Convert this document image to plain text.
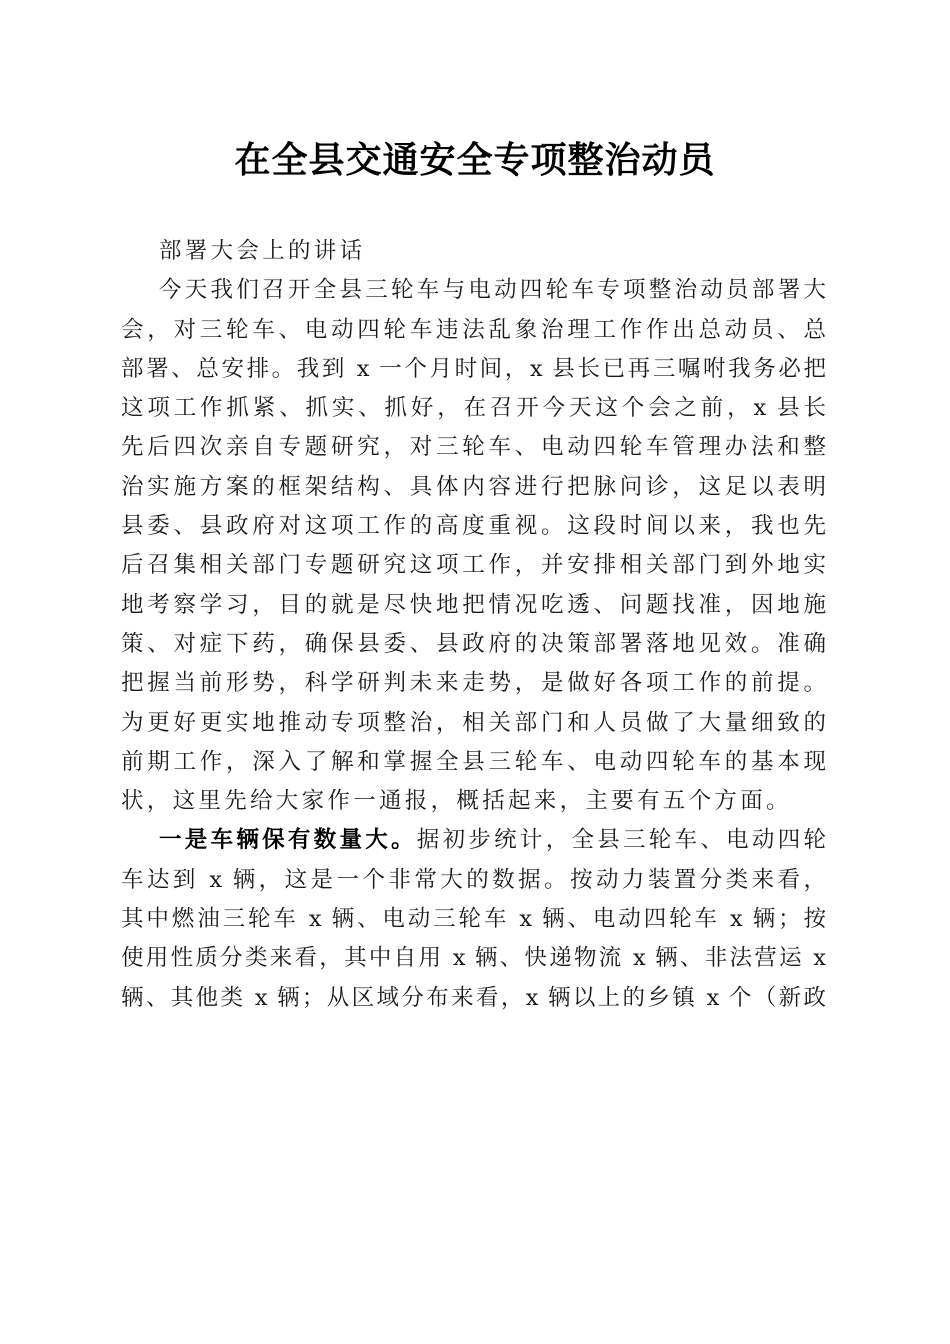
在全县交通安全专项整治动员
部署大会上的讲话
今天我们召开全县三轮车与电动四轮车专项整治动员部署大
会，对三轮车、电动四轮车违法乱象治理工作作出总动员、总
部署、总安排。我到 x 一个月时间，x 县长已再三嘱咐我务必把
这项工作抓紧、抓实、抓好，在召开今天这个会之前，x 县长
先后四次亲自专题研究，对三轮车、电动四轮车管理办法和整
治实施方案的框架结构、具体内容进行把脉问诊，这足以表明
县委、县政府对这项工作的高度重视。这段时间以来，我也先
后召集相关部门专题研究这项工作，并安排相关部门到外地实
地考察学习，目的就是尽快地把情况吃透、问题找准，因地施
策、对症下药，确保县委、县政府的决策部署落地见效。准确
把握当前形势，科学研判未来走势，是做好各项工作的前提。
为更好更实地推动专项整治，相关部门和人员做了大量细致的
前期工作，深入了解和掌握全县三轮车、电动四轮车的基本现
状，这里先给大家作一通报，概括起来，主要有五个方面。
一是车辆保有数量大。据初步统计，全县三轮车、电动四轮
车达到 x 辆，这是一个非常大的数据。按动力装置分类来看，
其中燃油三轮车 x 辆、电动三轮车 x 辆、电动四轮车 x 辆；按
使用性质分类来看，其中自用 x 辆、快递物流 x 辆、非法营运 x
辆、其他类 x 辆；从区域分布来看，x 辆以上的乡镇 x 个（新政
